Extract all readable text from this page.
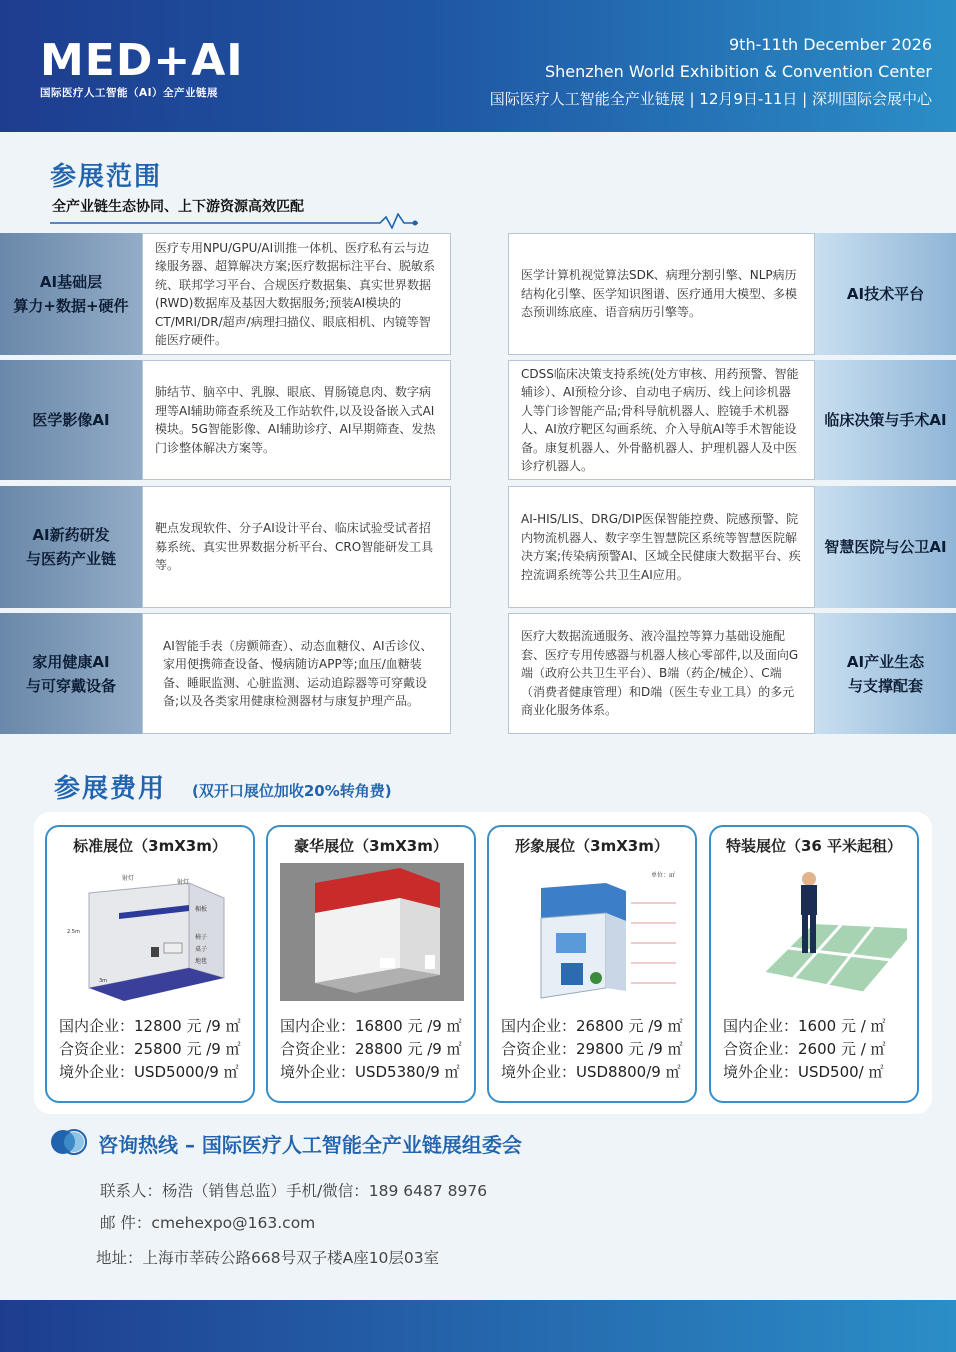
MED+AI
国际医疗人工智能（AI）全产业链展
9th-11th December 2026
Shenzhen World Exhibition & Convention Center
国际医疗人工智能全产业链展 | 12月9日-11日 | 深圳国际会展中心
参展范围
全产业链生态协同、上下游资源高效匹配
AI基础层
算力+数据+硬件
医疗专用NPU/GPU/AI训推一体机、医疗私有云与边缘服务器、超算解决方案;医疗数据标注平台、脱敏系统、联邦学习平台、合规医疗数据集、真实世界数据(RWD)数据库及基因大数据服务;预装AI模块的CT/MRI/DR/超声/病理扫描仪、眼底相机、内镜等智能医疗硬件。
医学影像AI
肺结节、脑卒中、乳腺、眼底、胃肠镜息肉、数字病理等AI辅助筛查系统及工作站软件,以及设备嵌入式AI模块。5G智能影像、AI辅助诊疗、AI早期筛查、发热门诊整体解决方案等。
AI新药研发
与医药产业链
靶点发现软件、分子AI设计平台、临床试验受试者招募系统、真实世界数据分析平台、CRO智能研发工具等。
家用健康AI
与可穿戴设备
AI智能手表（房颤筛查）、动态血糖仪、AI舌诊仪、家用便携筛查设备、慢病随访APP等;血压/血糖装备、睡眠监测、心脏监测、运动追踪器等可穿戴设备;以及各类家用健康检测器材与康复护理产品。
医学计算机视觉算法SDK、病理分割引擎、NLP病历结构化引擎、医学知识图谱、医疗通用大模型、多模态预训练底座、语音病历引擎等。
AI技术平台
CDSS临床决策支持系统(处方审核、用药预警、智能辅诊）、AI预检分诊、自动电子病历、线上问诊机器人等门诊智能产品;骨科导航机器人、腔镜手术机器人、AI放疗靶区勾画系统、介入导航AI等手术智能设备。康复机器人、外骨骼机器人、护理机器人及中医诊疗机器人。
临床决策与手术AI
AI-HIS/LIS、DRG/DIP医保智能控费、院感预警、院内物流机器人、数字孪生智慧院区系统等智慧医院解决方案;传染病预警AI、区域全民健康大数据平台、疾控流调系统等公共卫生AI应用。
智慧医院与公卫AI
医疗大数据流通服务、液冷温控等算力基础设施配套、医疗专用传感器与机器人核心零部件,以及面向G端（政府公共卫生平台）、B端（药企/械企）、C端（消费者健康管理）和D端（医生专业工具）的多元商业化服务体系。
AI产业生态
与支撑配套
参展费用 (双开口展位加收20%转角费)
标准展位（3mX3m）
射灯
射灯
楣板
椅子
桌子
地毯
2.5m
3m
国内企业：12800 元 /9 ㎡
合资企业：25800 元 /9 ㎡
境外企业：USD5000/9 ㎡
豪华展位（3mX3m）
国内企业：16800 元 /9 ㎡
合资企业：28800 元 /9 ㎡
境外企业：USD5380/9 ㎡
形象展位（3mX3m）
单位：㎡
国内企业：26800 元 /9 ㎡
合资企业：29800 元 /9 ㎡
境外企业：USD8800/9 ㎡
特装展位（36 平米起租）
国内企业：1600 元 / ㎡
合资企业：2600 元 / ㎡
境外企业：USD500/ ㎡
咨询热线 – 国际医疗人工智能全产业链展组委会
联系人：杨浩（销售总监）手机/微信：189 6487 8976
邮 件：cmehexpo@163.com
地址：上海市莘砖公路668号双子楼A座10层03室
